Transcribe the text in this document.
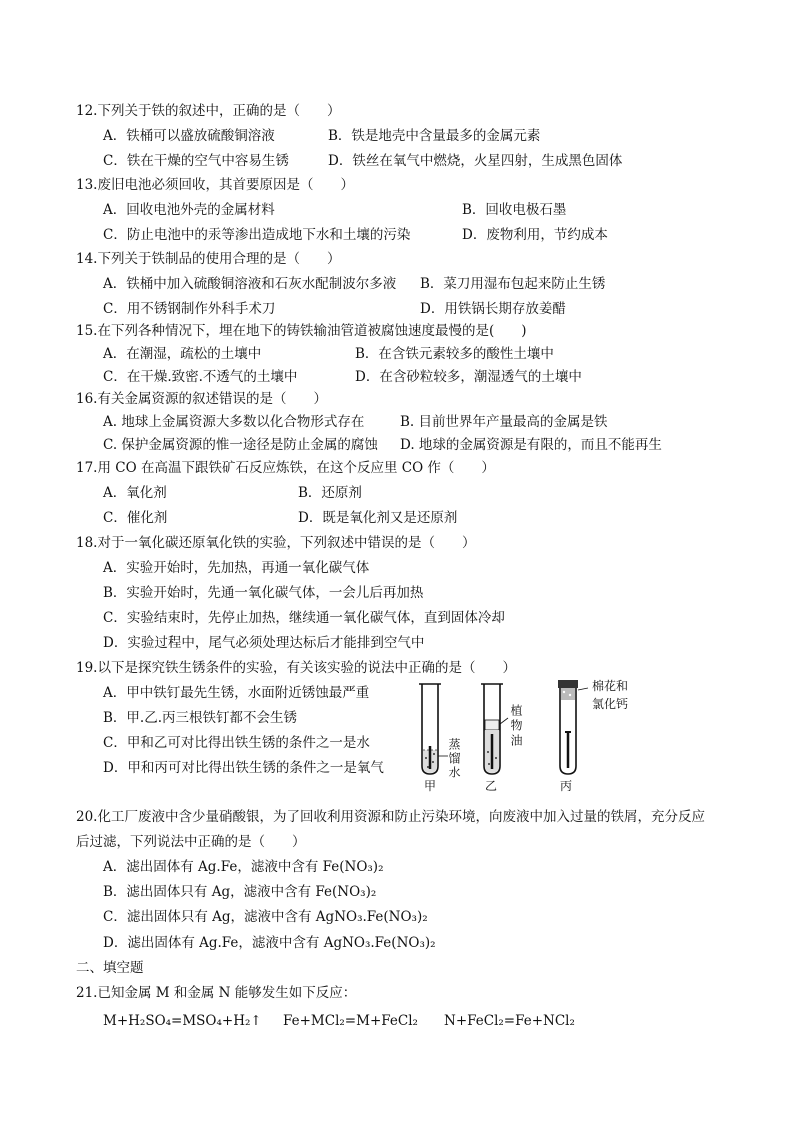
12.下列关于铁的叙述中，正确的是（　　）
A．铁桶可以盛放硫酸铜溶液	B．铁是地壳中含量最多的金属元素
C．铁在干燥的空气中容易生锈	D．铁丝在氧气中燃烧，火星四射，生成黑色固体
13.废旧电池必须回收，其首要原因是（　　）
A．回收电池外壳的金属材料	B．回收电极石墨
C．防止电池中的汞等渗出造成地下水和土壤的污染	D．废物利用，节约成本
14.下列关于铁制品的使用合理的是（　　）
A．铁桶中加入硫酸铜溶液和石灰水配制波尔多液 B．菜刀用湿布包起来防止生锈
C．用不锈钢制作外科手术刀	D．用铁锅长期存放姜醋
15.在下列各种情况下，埋在地下的铸铁输油管道被腐蚀速度最慢的是(　　)
A．在潮湿，疏松的土壤中	B．在含铁元素较多的酸性土壤中
C．在干燥.致密.不透气的土壤中	D．在含砂粒较多，潮湿透气的土壤中
16.有关金属资源的叙述错误的是（　　）
A. 地球上金属资源大多数以化合物形式存在	B. 目前世界年产量最高的金属是铁
C. 保护金属资源的惟一途径是防止金属的腐蚀 D. 地球的金属资源是有限的，而且不能再生
17.用 CO 在高温下跟铁矿石反应炼铁，在这个反应里 CO 作（　　）
A．氧化剂	B．还原剂
C．催化剂	D．既是氧化剂又是还原剂
18.对于一氧化碳还原氧化铁的实验，下列叙述中错误的是（　　）
A．实验开始时，先加热，再通一氧化碳气体
B．实验开始时，先通一氧化碳气体，一会儿后再加热
C．实验结束时，先停止加热，继续通一氧化碳气体，直到固体冷却
D．实验过程中，尾气必须处理达标后才能排到空气中
19.以下是探究铁生锈条件的实验，有关该实验的说法中正确的是（　　）
A．甲中铁钉最先生锈，水面附近锈蚀最严重
B．甲.乙.丙三根铁钉都不会生锈
C．甲和乙可对比得出铁生锈的条件之一是水
D．甲和丙可对比得出铁生锈的条件之一是氧气	蒸馏水
甲
植物油
乙
棉花和
氯化钙
丙
20.化工厂废液中含少量硝酸银，为了回收利用资源和防止污染环境，向废液中加入过量的铁屑，充分反应
后过滤，下列说法中正确的是（　　）
A．滤出固体有 Ag.Fe，滤液中含有 Fe(NO₃)₂
B．滤出固体只有 Ag，滤液中含有 Fe(NO₃)₂
C．滤出固体只有 Ag，滤液中含有 AgNO₃.Fe(NO₃)₂
D．滤出固体有 Ag.Fe，滤液中含有 AgNO₃.Fe(NO₃)₂
二、填空题
21.已知金属 M 和金属 N 能够发生如下反应：
M+H₂SO₄=MSO₄+H₂↑ Fe+MCl₂=M+FeCl₂ N+FeCl₂=Fe+NCl₂
